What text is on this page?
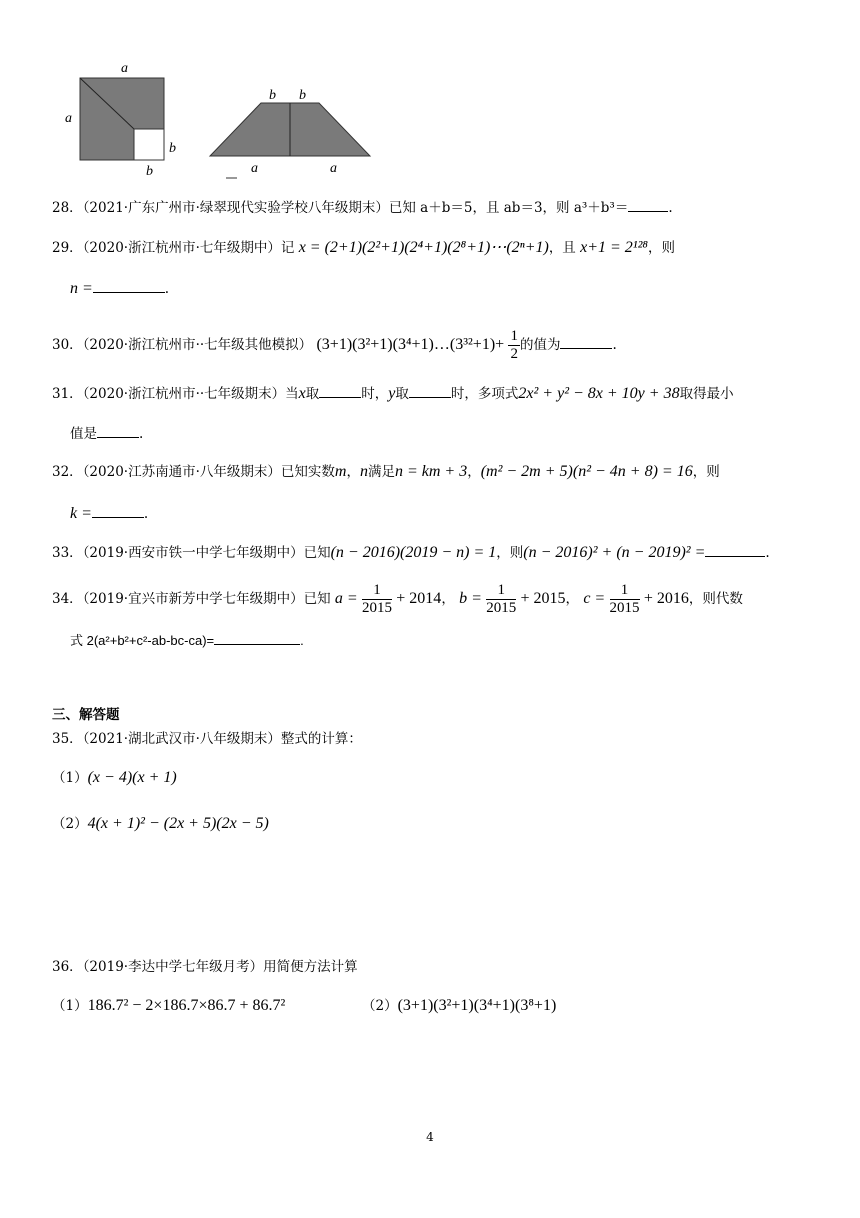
a
a
b
b
b b
a	a
28．（2021·广东广州市·绿翠现代实验学校八年级期末）已知 a＋b＝5，且 ab＝3，则 a³＋b³＝	.
29．（2020·浙江杭州市·七年级期中）记 x = (2+1)(2²+1)(2⁴+1)(2⁸+1)⋯(2ⁿ+1)，且 x+1 = 2¹²⁸，则
n =	.
30．（2020·浙江杭州市··七年级其他模拟） (3+1)(3²+1)(3⁴+1)…(3³²+1)+ $\frac{1}{2}$ 的值为	.
31．（2020·浙江杭州市··七年级期末）当x取	时，y取	时，多项式2x² + y² − 8x + 10y + 38取得最小
值是	.
32．（2020·江苏南通市·八年级期末）已知实数m，n满足n = km + 3，(m² − 2m + 5)(n² − 4n + 8) = 16，则
k =	.
33．（2019·西安市铁一中学七年级期中）已知(n − 2016)(2019 − n) = 1，则(n − 2016)² + (n − 2019)² =	.
34．（2019·宜兴市新芳中学七年级期中）已知 $a = \frac{1}{2015} + 2014$， $b = \frac{1}{2015} + 2015$， $c = \frac{1}{2015} + 2016$，则代数
式 2(a²+b²+c²-ab-bc-ca)=	.
三、解答题
35．（2021·湖北武汉市·八年级期末）整式的计算：
（1）(x − 4)(x + 1)
（2）4(x + 1)² − (2x + 5)(2x − 5)
36．（2019·李达中学七年级月考）用简便方法计算
（1）186.7² − 2×186.7×86.7 + 86.7²	（2）(3+1)(3²+1)(3⁴+1)(3⁸+1)
4
